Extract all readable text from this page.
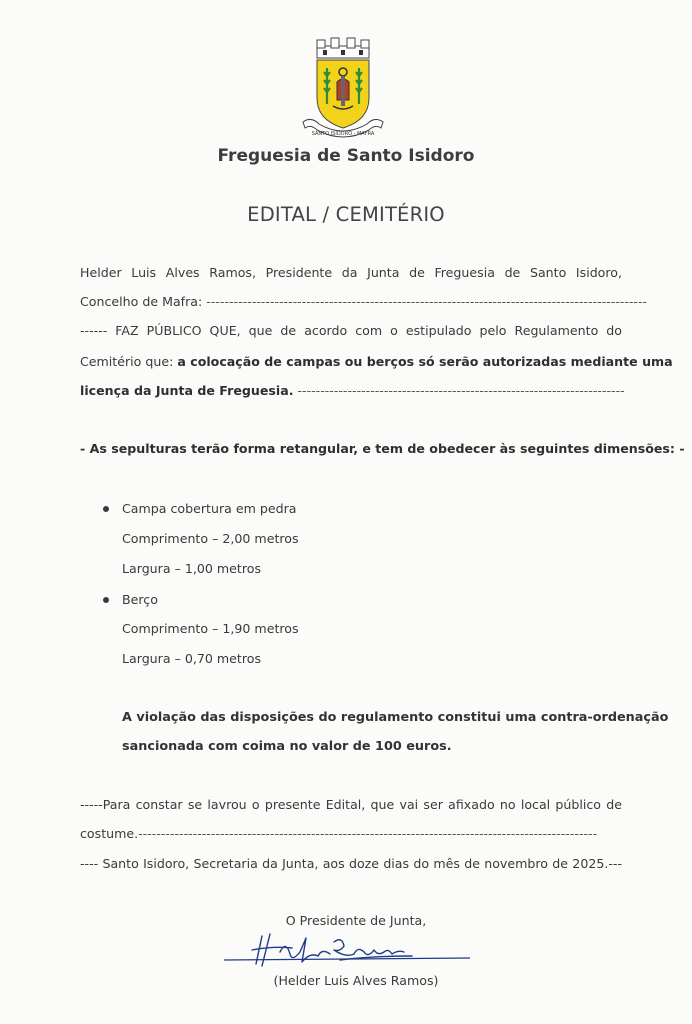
SANTO ISIDORO - MAFRA
Freguesia de Santo Isidoro
EDITAL / CEMITÉRIO
Helder Luis Alves Ramos, Presidente da Junta de Freguesia de Santo Isidoro,
Concelho de Mafra: -------------------------------------------------------------------------------------------------
------ FAZ PÚBLICO QUE, que de acordo com o estipulado pelo Regulamento do
Cemitério que: a colocação de campas ou berços só serão autorizadas mediante uma
licença da Junta de Freguesia. ------------------------------------------------------------------------
- As sepulturas terão forma retangular, e tem de obedecer às seguintes dimensões: -
Campa cobertura em pedra
Comprimento – 2,00 metros
Largura – 1,00 metros
Berço
Comprimento – 1,90 metros
Largura – 0,70 metros
A violação das disposições do regulamento constitui uma contra-ordenação
sancionada com coima no valor de 100 euros.
-----Para constar se lavrou o presente Edital, que vai ser afixado no local público de
costume.-----------------------------------------------------------------------------------------------------
---- Santo Isidoro, Secretaria da Junta, aos doze dias do mês de novembro de 2025.---
O Presidente de Junta,
(Helder Luis Alves Ramos)
